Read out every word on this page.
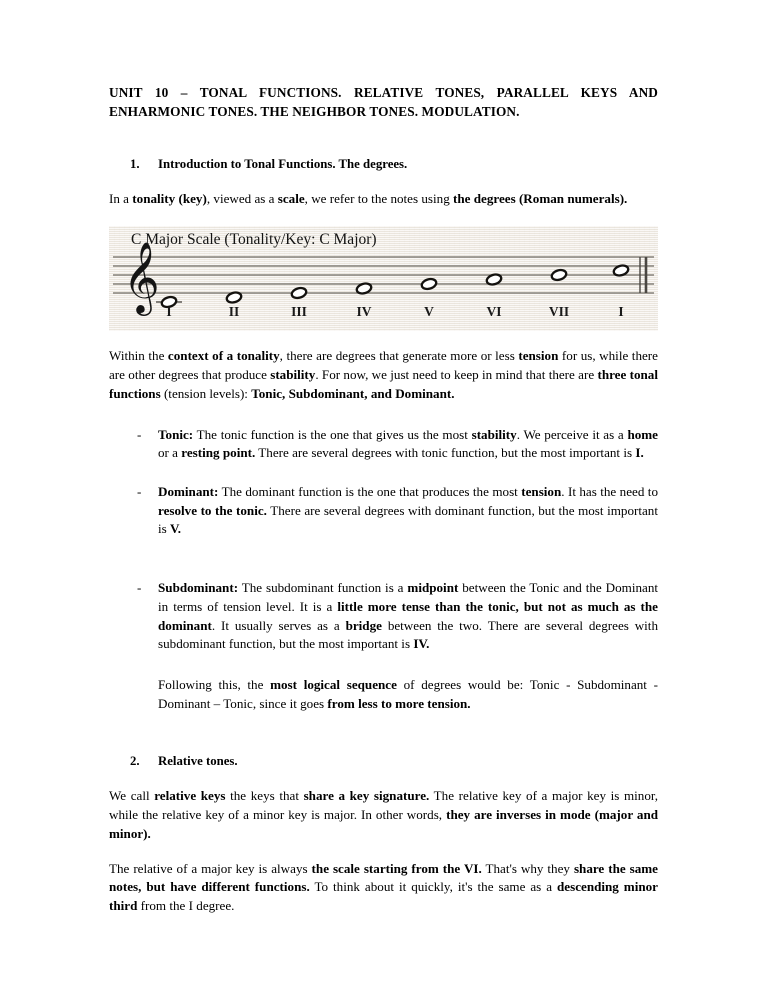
UNIT 10 – TONAL FUNCTIONS. RELATIVE TONES, PARALLEL KEYS AND ENHARMONIC TONES. THE NEIGHBOR TONES. MODULATION.
1. Introduction to Tonal Functions. The degrees.

In a tonality (key), viewed as a scale, we refer to the notes using the degrees (Roman numerals).

C Major Scale (Tonality/Key: C Major)
𝄞 I	II	III	IV	V	VI	VII	I

Within the context of a tonality, there are degrees that generate more or less tension for us, while there are other degrees that produce stability. For now, we just need to keep in mind that there are three tonal functions (tension levels): Tonic, Subdominant, and Dominant.

-	Tonic: The tonic function is the one that gives us the most stability. We perceive it as a home or a resting point. There are several degrees with tonic function, but the most important is I.
-	Dominant: The dominant function is the one that produces the most tension. It has the need to resolve to the tonic. There are several degrees with dominant function, but the most important is V.
-	Subdominant: The subdominant function is a midpoint between the Tonic and the Dominant in terms of tension level. It is a little more tense than the tonic, but not as much as the dominant. It usually serves as a bridge between the two. There are several degrees with subdominant function, but the most important is IV.
Following this, the most logical sequence of degrees would be: Tonic - Subdominant - Dominant – Tonic, since it goes from less to more tension.
2. Relative tones.

We call relative keys the keys that share a key signature. The relative key of a major key is minor, while the relative key of a minor key is major. In other words, they are inverses in mode (major and minor).

The relative of a major key is always the scale starting from the VI. That's why they share the same notes, but have different functions. To think about it quickly, it's the same as a descending minor third from the I degree.
